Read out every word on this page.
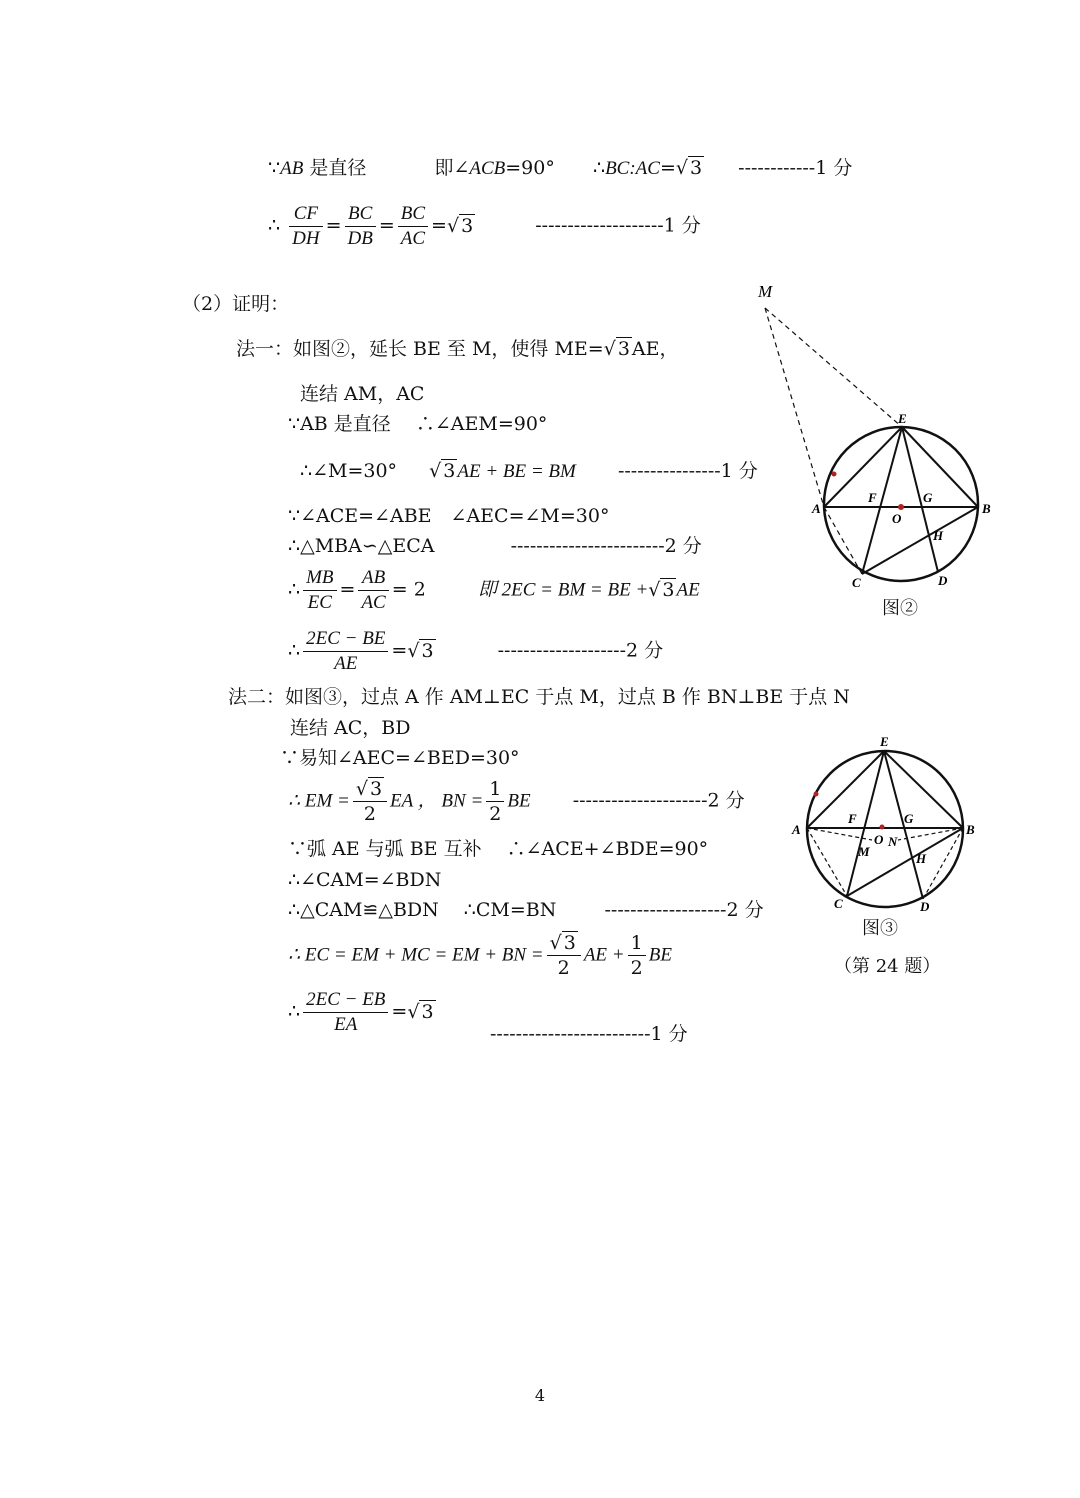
∵AB 是直径	即∠ACB=90° ∴BC:AC=√ 3 ------------1 分
∴ $\frac{CF}{DH} = \frac{BC}{DB} = \frac{BC}{AC}$ =√ 3	--------------------1 分
（2）证明：
法一：如图②，延长 BE 至 M，使得 ME=√ 3 AE，
连结 AM，AC
∵AB 是直径　 ∴∠AEM=90°
∴∠M=30° √ 3 AE + BE = BM ----------------1 分
∵∠ACE=∠ABE　∠AEC=∠M=30°
∴△MBA∽△ECA	------------------------2 分
∴ $\frac{MB}{EC} = \frac{AB}{AC} = 2$	即 2EC = BM = BE +√ 3 AE
∴ $\frac{2EC - BE}{AE}$ =√ 3	--------------------2 分
法二：如图③，过点 A 作 AM⊥EC 于点 M，过点 B 作 BN⊥BE 于点 N
连结 AC，BD
∵易知∠AEC=∠BED=30°
∴ EM = $\frac{√ 3}{2}$ EA ， BN = $\frac{1}{2}$ BE ---------------------2 分
∵弧 AE 与弧 BE 互补　 ∴∠ACE+∠BDE=90°
∴∠CAM=∠BDN
∴△CAM≌△BDN　 ∴CM=BN	-------------------2 分
∴ EC = EM + MC = EM + BN = $\frac{√ 3}{2}$ AE + $\frac{1}{2}$ BE
∴ $\frac{2EC - EB}{EA}$ =√ 3
-------------------------1 分
M
E
A	B
C	D
F	G
O
H
图②
E
A	B
C	D
F	G
O N
M	H
图③
（第 24 题）
4
